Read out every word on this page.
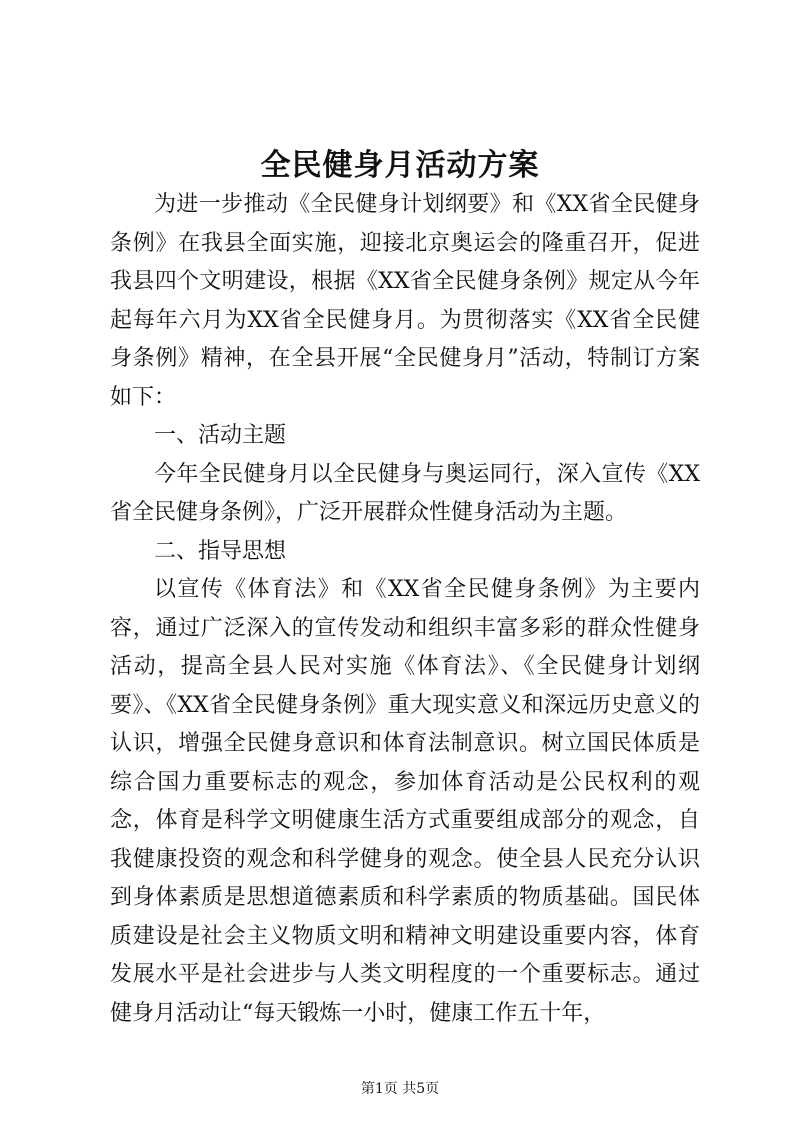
全民健身月活动方案

为进一步推动《全民健身计划纲要》和《XX省全民健身条例》在我县全面实施，迎接北京奥运会的隆重召开，促进我县四个文明建设，根据《XX省全民健身条例》规定从今年起每年六月为XX省全民健身月。为贯彻落实《XX省全民健身条例》精神，在全县开展“全民健身月”活动，特制订方案如下：

一、活动主题

今年全民健身月以全民健身与奥运同行，深入宣传《XX省全民健身条例》，广泛开展群众性健身活动为主题。

二、指导思想

以宣传《体育法》和《XX省全民健身条例》为主要内容，通过广泛深入的宣传发动和组织丰富多彩的群众性健身活动，提高全县人民对实施《体育法》、《全民健身计划纲要》、《XX省全民健身条例》重大现实意义和深远历史意义的认识，增强全民健身意识和体育法制意识。树立国民体质是综合国力重要标志的观念，参加体育活动是公民权利的观念，体育是科学文明健康生活方式重要组成部分的观念，自我健康投资的观念和科学健身的观念。使全县人民充分认识到身体素质是思想道德素质和科学素质的物质基础。国民体质建设是社会主义物质文明和精神文明建设重要内容，体育发展水平是社会进步与人类文明程度的一个重要标志。通过健身月活动让“每天锻炼一小时，健康工作五十年，

第1页 共5页
